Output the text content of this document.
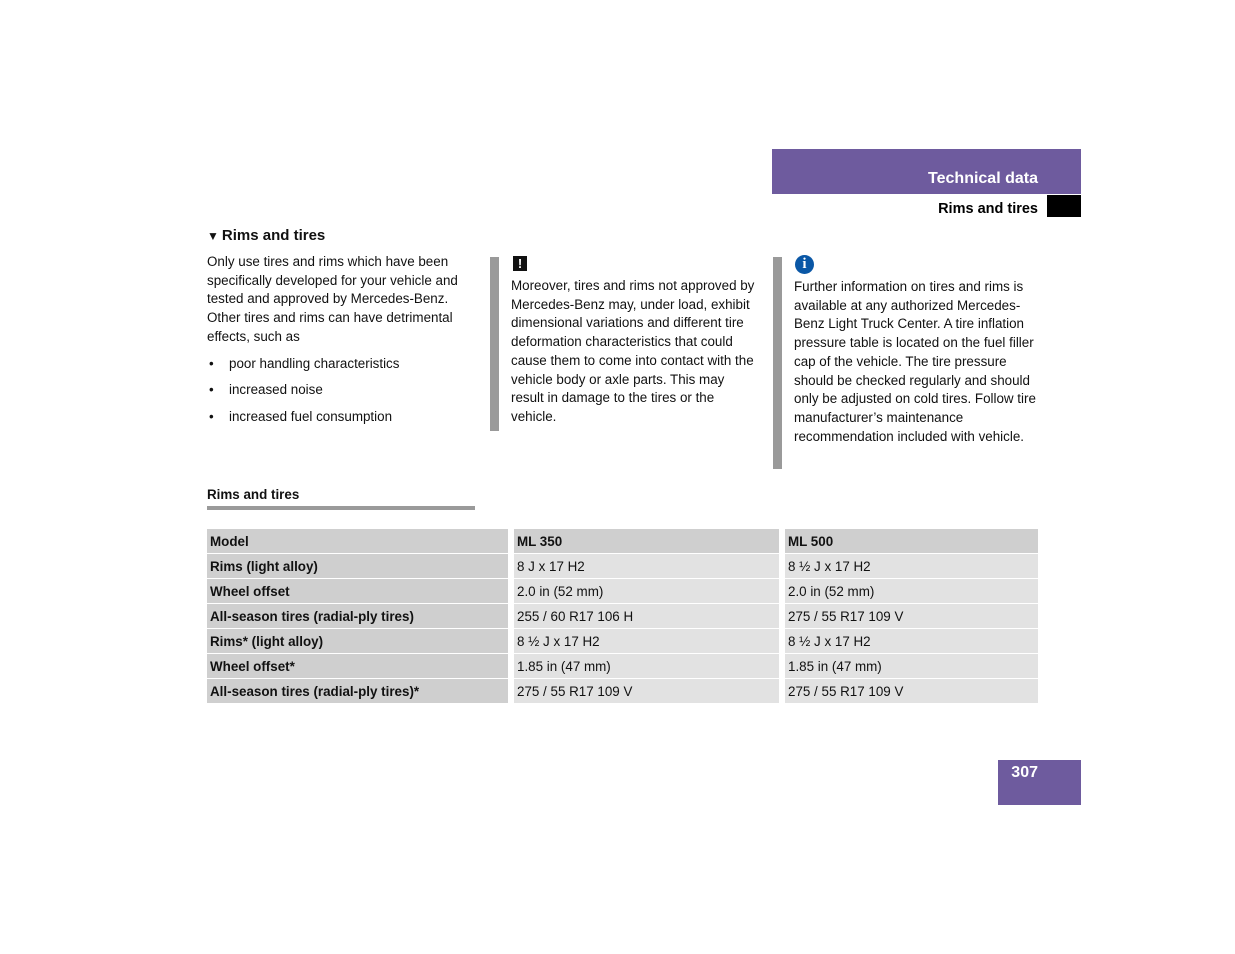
Technical data
Rims and tires
▼ Rims and tires

Only use tires and rims which have been specifically developed for your vehicle and tested and approved by Mercedes-Benz. Other tires and rims can have detrimental effects, such as

• poor handling characteristics
• increased noise
• increased fuel consumption
!

Moreover, tires and rims not approved by Mercedes-Benz may, under load, exhibit dimensional variations and different tire deformation characteristics that could cause them to come into contact with the vehicle body or axle parts. This may result in damage to the tires or the vehicle.

i

Further information on tires and rims is available at any authorized Mercedes-Benz Light Truck Center. A tire inflation pressure table is located on the fuel filler cap of the vehicle. The tire pressure should be checked regularly and should only be adjusted on cold tires. Follow tire manufacturer’s maintenance recommendation included with vehicle.

Rims and tires
Model		ML 350		ML 500
Rims (light alloy)		8 J x 17 H2		8 ½ J x 17 H2
Wheel offset		2.0 in (52 mm)		2.0 in (52 mm)
All-season tires (radial-ply tires)		255 / 60 R17 106 H		275 / 55 R17 109 V
Rims* (light alloy)		8 ½ J x 17 H2		8 ½ J x 17 H2
Wheel offset*		1.85 in (47 mm)		1.85 in (47 mm)
All-season tires (radial-ply tires)*		275 / 55 R17 109 V		275 / 55 R17 109 V
307
